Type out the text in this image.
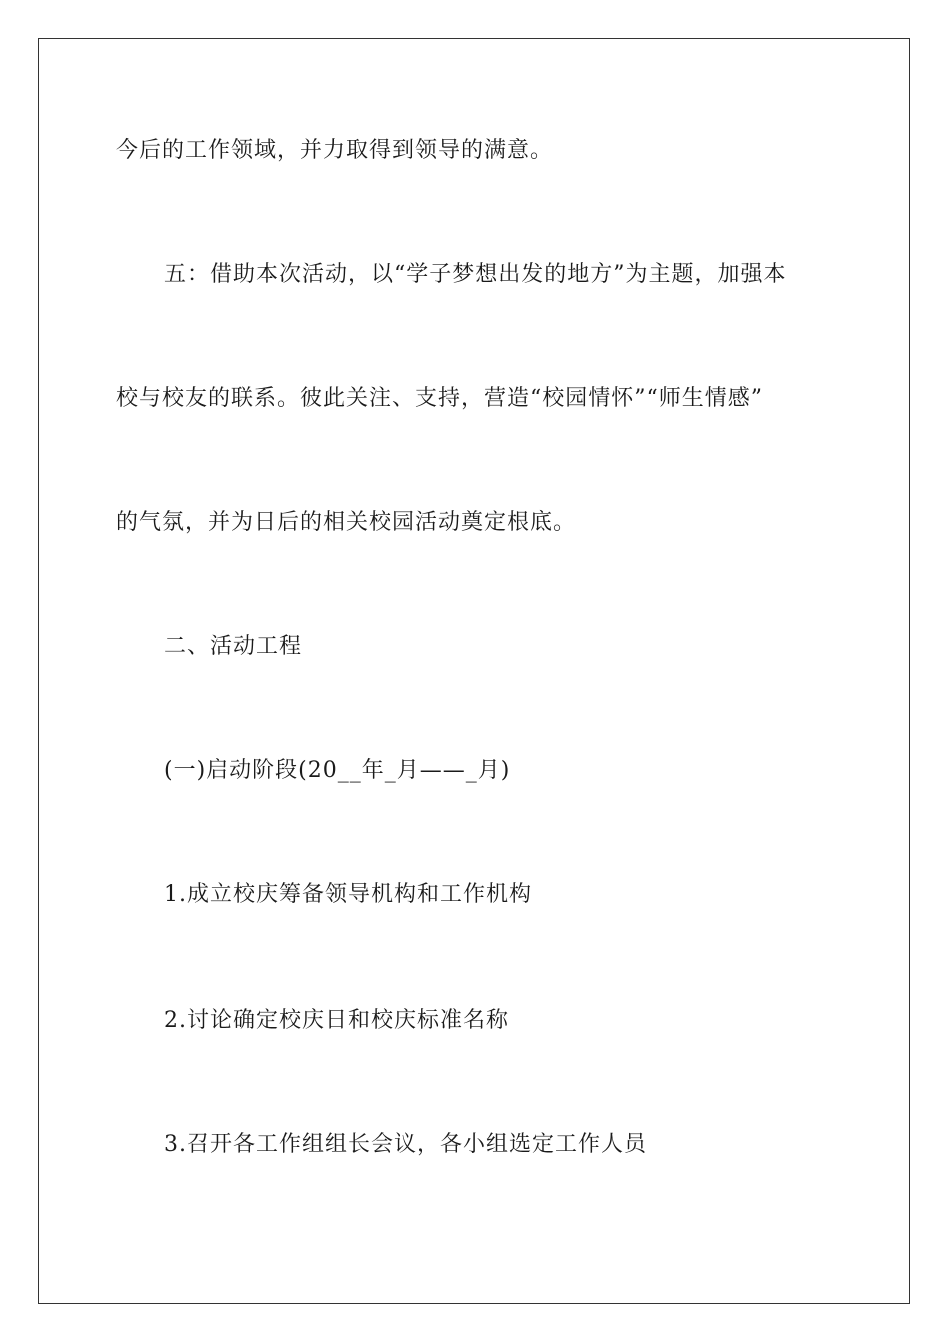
今后的工作领域，并力取得到领导的满意。
五：借助本次活动，以“学子梦想出发的地方”为主题，加强本
校与校友的联系。彼此关注、支持，营造“校园情怀”“师生情感”
的气氛，并为日后的相关校园活动奠定根底。
二、活动工程
(一)启动阶段(20__年_月——_月)
1.成立校庆筹备领导机构和工作机构
2.讨论确定校庆日和校庆标准名称
3.召开各工作组组长会议，各小组选定工作人员
